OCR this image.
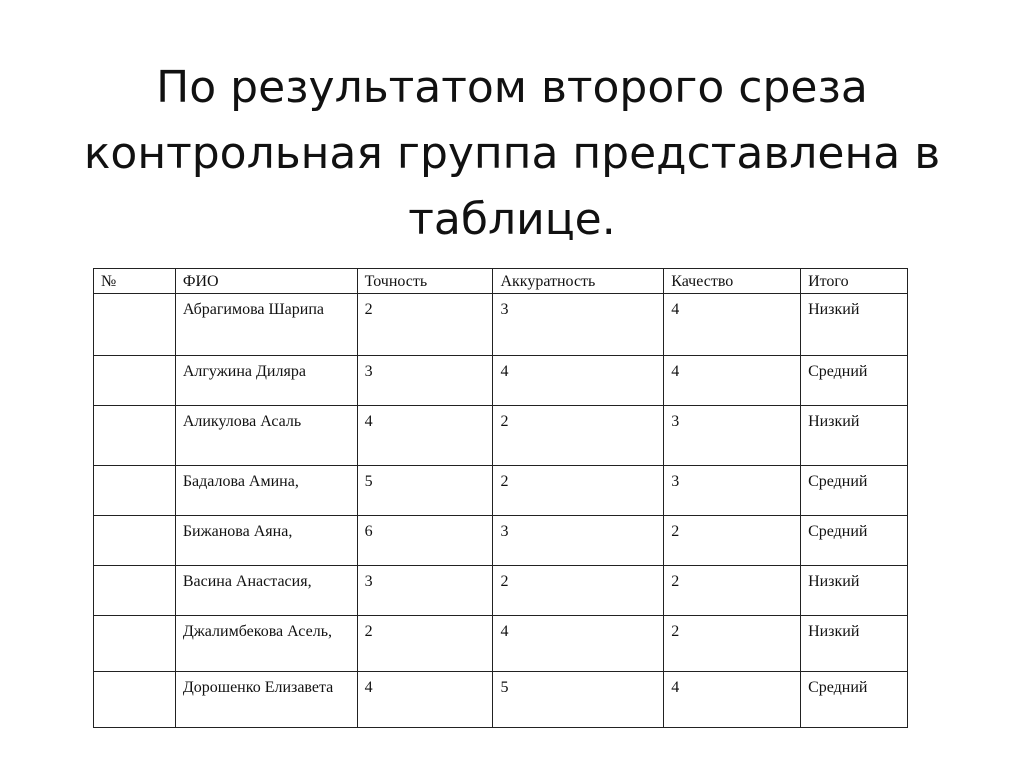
По результатом второго среза
контрольная группа представлена в
таблице.
№	ФИО	Точность	Аккуратность	Качество	Итого
	Абрагимова Шарипа	2	3	4	Низкий
	Алгужина Диляра	3	4	4	Средний
	Аликулова Асаль	4	2	3	Низкий
	Бадалова Амина,	5	2	3	Средний
	Бижанова Аяна,	6	3	2	Средний
	Васина Анастасия,	3	2	2	Низкий
	Джалимбекова Асель,	2	4	2	Низкий
	Дорошенко Елизавета	4	5	4	Средний
